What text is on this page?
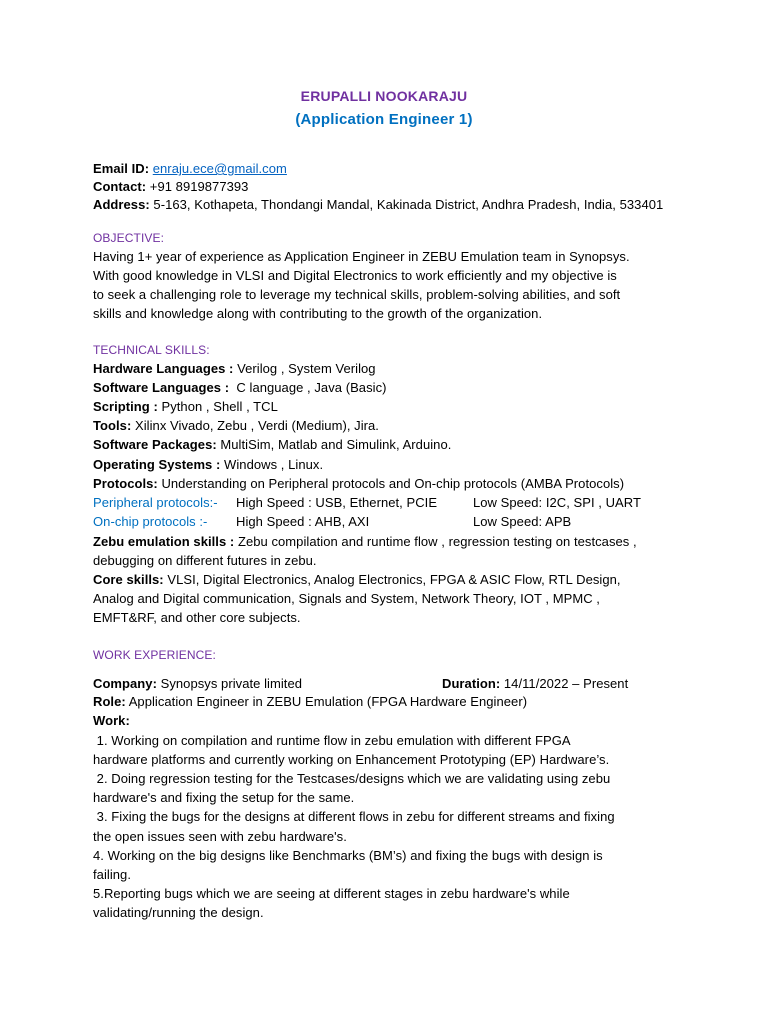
ERUPALLI NOOKARAJU
(Application Engineer 1)
Email ID: enraju.ece@gmail.com
Contact: +91 8919877393
Address: 5-163, Kothapeta, Thondangi Mandal, Kakinada District, Andhra Pradesh, India, 533401
OBJECTIVE:
Having 1+ year of experience as Application Engineer in ZEBU Emulation team in Synopsys.
With good knowledge in VLSI and Digital Electronics to work efficiently and my objective is
to seek a challenging role to leverage my technical skills, problem-solving abilities, and soft
skills and knowledge along with contributing to the growth of the organization.
TECHNICAL SKILLS:
Hardware Languages : Verilog , System Verilog
Software Languages :  C language , Java (Basic)
Scripting : Python , Shell , TCL
Tools: Xilinx Vivado, Zebu , Verdi (Medium), Jira.
Software Packages: MultiSim, Matlab and Simulink, Arduino.
Operating Systems : Windows , Linux.
Protocols: Understanding on Peripheral protocols and On-chip protocols (AMBA Protocols)
Peripheral protocols:- High Speed : USB, Ethernet, PCIE	Low Speed: I2C, SPI , UART
On-chip protocols :- High Speed : AHB, AXI	Low Speed: APB
Zebu emulation skills : Zebu compilation and runtime flow , regression testing on testcases ,
debugging on different futures in zebu.
Core skills: VLSI, Digital Electronics, Analog Electronics, FPGA & ASIC Flow, RTL Design,
Analog and Digital communication, Signals and System, Network Theory, IOT , MPMC ,
EMFT&RF, and other core subjects.
WORK EXPERIENCE:
Company: Synopsys private limited	Duration: 14/11/2022 – Present
Role: Application Engineer in ZEBU Emulation (FPGA Hardware Engineer)
Work:
1. Working on compilation and runtime flow in zebu emulation with different FPGA
hardware platforms and currently working on Enhancement Prototyping (EP) Hardware’s.
2. Doing regression testing for the Testcases/designs which we are validating using zebu
hardware's and fixing the setup for the same.
3. Fixing the bugs for the designs at different flows in zebu for different streams and fixing
the open issues seen with zebu hardware's.
4. Working on the big designs like Benchmarks (BM’s) and fixing the bugs with design is
failing.
5.Reporting bugs which we are seeing at different stages in zebu hardware's while
validating/running the design.
